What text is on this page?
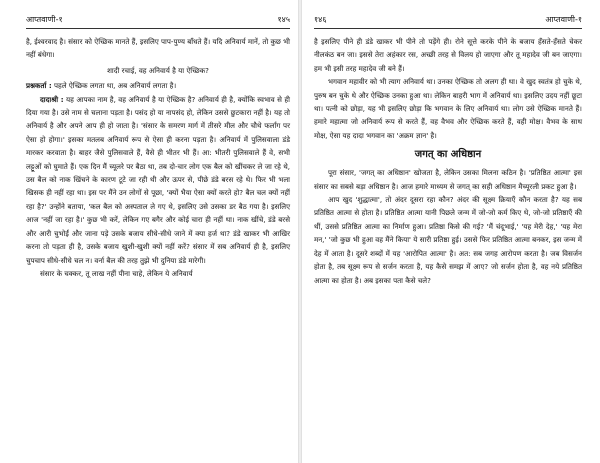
आप्तवाणी-१	१४५

है, ईश्वरवाद है। संसार को ऐच्छिक मानते हैं, इसलिए पाप-पुण्य बाँधते हैं। यदि अनिवार्य मानें, तो कुछ भी नहीं बंधेगा।

शादी रचाई, वह अनिवार्य है या ऐच्छिक?

प्रश्नकर्ता : पहले ऐच्छिक लगता था, अब अनिवार्य लगता है।

दादाश्री : यह आपका नाम है, वह अनिवार्य है या ऐच्छिक है? अनिवार्य ही है, क्योंकि स्वभाव से ही दिया गया है। उसे नाम से चलाना पड़ता है। पसंद हो या नापसंद हो, लेकिन उससे छुटकारा नहीं है। यह तो अनिवार्य है और अपने आप ही हो जाता है। 'संसार के समरण मार्ग में तीसरे मील और चौथे फर्लांग पर ऐसा हो होगा।' इसका मतलब अनिवार्य रूप से ऐसा ही करना पड़ता है। अनिवार्य में पुलिसवाला डंडे मारकर करवाता है। बाहर जैसे पुलिसवाले हैं, वैसे ही भीतर भी हैं। आ: भीतरी पुलिसवाले हैं वे, सभी लट्टूओं को घुमाते हैं। एक दिन मैं च्यूलरे पर बैठा था, तब दो-चार लोग एक बैल को खींचकर ले जा रहे थे, उस बैल को नाक खिंचने के कारण टूटे जा रही थी और ऊपर से, पीछे डंडे बरस रहे थे। फिर भी भला खिसक ही नहीं रहा था। इस पर मैंने उन लोगों से पूछा, 'क्यों भैया ऐसा क्यों करते हो? बैल चल क्यों नहीं रहा है?' उन्होंने बताया, 'कल बैल को अस्पताल ले गए थे, इसलिए उसे उसका डर बैठ गया है। इसलिए आज 'नहीं जा रहा है।' कुछ भी करें, लेकिन गए बगैर और कोई चारा ही नहीं था। नाक खींचे, डंडे बरसे और आरी चुभोईं और जाना पड़े उसके बजाय सीधे-सीधे जाने में क्या हर्ज था? डंडे खाकर भी आखिर करना तो पड़ता ही है, उसके बजाय खुशी-खुशी क्यों नहीं करें? संसार में सब अनिवार्य ही है, इसलिए चुपचाप सीधे-सीधे चल न। वर्ना बैल की तरह तुझे भी दुनिया डंडे मारेगी।

संसार के चक्कर, तू लाख नहीं पीना चाहे, लेकिन ये अनिवार्य

१४६	आप्तवाणी-१

है इसलिए पीने ही डंडे खाकर भी पीने तो पड़ेंगे ही। रोने सूत्ते करके पीने के बजाय हँसते-हँसते चेकर नीलकंठ बन जा। इससे तेरा अहंकार रस, अच्छी तरह से विलय हो जाएगा और तू महादेव जी बन जाएगा। हम भी इसी तरह महादेव जी बने हैं।

भगवान महावीर को भी त्याग अनिवार्य था। उनका ऐच्छिक तो अलग ही था। वे खुद स्वतंत्र हो चुके थे, पुरुष बन चुके थे और ऐच्छिक उनका हुआ था। लेकिन बाहरी भाग में अनिवार्य था। इसलिए उदय नहीं छूटा था। पत्नी को छोड़ा, यह भी इसलिए छोड़ा कि भगवान के लिए अनिवार्य था। लोग उसे ऐच्छिक मानते हैं। हमारे महात्मा जो अनिवार्य रूप से करते हैं, वह वैभव और ऐच्छिक करते हैं, वही मोक्ष। वैभव के साथ मोक्ष, ऐसा यह दादा भगवान का 'अक्रम ज्ञान' है।

जगत् का अधिष्ठान

पूरा संसार, 'जगत् का अधिष्ठान' खोजता है, लेकिन उसका मिलना कठिन है। 'प्रतिष्ठित आत्मा' इस संसार का सबसे बड़ा अधिष्ठान है। आज हमारे माध्यम से जगत् का सही अधिष्ठान मैच्यूरली प्रकट हुआ है।

आप खुद 'शुद्धात्मा', तो अंदर दूसरा रहा कौन? अंदर की सूक्ष्म क्रियाएँ कौन करता है? यह सब प्रतिष्ठित आत्मा से होता है। प्रतिष्ठित आत्मा यानी पिछले जन्म में जो-जो कर्म किए थे, जो-जो प्रतिष्ठाएँ की थीं, उससे प्रतिष्ठित आत्मा का निर्माण हुआ। प्रतिष्ठा किसे की गई? 'मैं चंदूभाई,' 'यह मेरी देह,' 'यह मेरा मन,' 'जो कुछ भी हुआ वह मैंने किया' ये सारी प्रतिष्ठा हुई। उससे फिर प्रतिष्ठित आत्मा बनकर, इस जन्म में देह में आता है। दूसरे शब्दों में यह 'आरोपित आत्मा' है। अत: सब जगह आरोपण करता है। जब विसर्जन होता है, तब सूक्ष्म रूप से सर्जन करता है, यह कैसे समझ में आए? जो सर्जन होता है, वह नये प्रतिष्ठित आत्मा का होता है। अब इसका पता कैसे चले?
